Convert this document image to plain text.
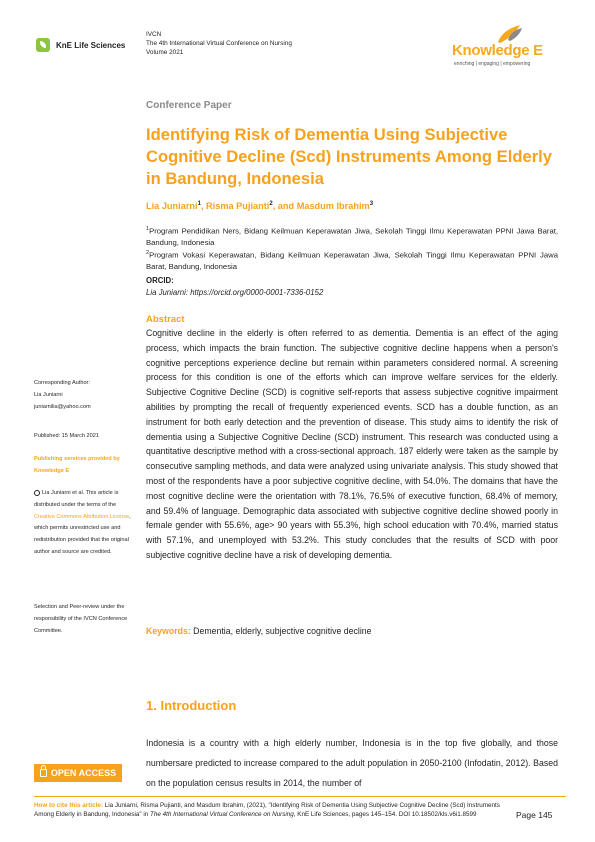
KnE Life Sciences
IVCN
The 4th International Virtual Conference on Nursing
Volume 2021	Knowledge E
enriching | engaging | empowering
Conference Paper
Identifying Risk of Dementia Using Subjective Cognitive Decline (Scd) Instruments Among Elderly in Bandung, Indonesia
Lia Juniarni$^1$, Risma Pujianti$^2$, and Masdum Ibrahim$^3$
$^1$Program Pendidikan Ners, Bidang Keilmuan Keperawatan Jiwa, Sekolah Tinggi Ilmu Keperawatan PPNI Jawa Barat, Bandung, Indonesia
$^2$Program Vokasi Keperawatan, Bidang Keilmuan Keperawatan Jiwa, Sekolah Tinggi Ilmu Keperawatan PPNI Jawa Barat, Bandung, Indonesia
ORCID:
Lia Juniarni: https://orcid.org/0000-0001-7336-0152
Abstract
Cognitive decline in the elderly is often referred to as dementia. Dementia is an effect of the aging process, which impacts the brain function. The subjective cognitive decline happens when a person's cognitive perceptions experience decline but remain within parameters considered normal. A screening process for this condition is one of the efforts which can improve welfare services for the elderly. Subjective Cognitive Decline (SCD) is cognitive self-reports that assess subjective cognitive impairment abilities by prompting the recall of frequently experienced events. SCD has a double function, as an instrument for both early detection and the prevention of disease. This study aims to identify the risk of dementia using a Subjective Cognitive Decline (SCD) instrument. This research was conducted using a quantitative descriptive method with a cross-sectional approach. 187 elderly were taken as the sample by consecutive sampling methods, and data were analyzed using univariate analysis. This study showed that most of the respondents have a poor subjective cognitive decline, with 54.0%. The domains that have the most cognitive decline were the orientation with 78.1%, 76.5% of executive function, 68.4% of memory, and 59.4% of language. Demographic data associated with subjective cognitive decline showed poorly in female gender with 55.6%, age> 90 years with 55.3%, high school education with 70.4%, married status with 57.1%, and unemployed with 53.2%. This study concludes that the results of SCD with poor subjective cognitive decline have a risk of developing dementia.
Keywords: Dementia, elderly, subjective cognitive decline
Corresponding Author:
Lia Juniarni
juniarnilia@yahoo.com
Published: 15 March 2021
Publishing services provided by Knowledge E
Lia Juniarni et al. This article is distributed under the terms of the Creative Commons Attribution License, which permits unrestricted use and redistribution provided that the original author and source are credited.
Selection and Peer-review under the responsibility of the IVCN Conference Committee.
1. Introduction
Indonesia is a country with a high elderly number, Indonesia is in the top five globally, and those numbersare predicted to increase compared to the adult population in 2050-2100 (Infodatin, 2012). Based on the population census results in 2014, the number of
OPEN ACCESS
How to cite this article: Lia Juniarni, Risma Pujianti, and Masdum Ibrahim, (2021), "Identifying Risk of Dementia Using Subjective Cognitive Decline (Scd) Instruments Among Elderly in Bandung, Indonesia" in The 4th International Virtual Conference on Nursing, KnE Life Sciences, pages 145–154. DOI 10.18502/kls.v6i1.8599	Page 145
